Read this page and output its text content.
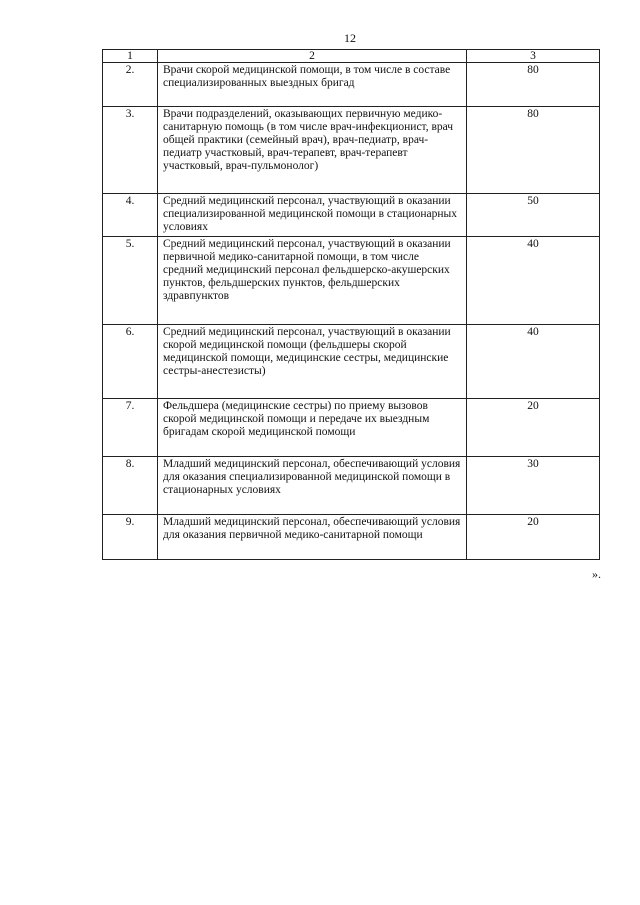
12
1	2	3
2.	Врачи скорой медицинской помощи, в том числе в составе специализированных выездных бригад	80
3.	Врачи подразделений, оказывающих первичную медико-санитарную помощь (в том числе врач-инфекционист, врач общей практики (семейный врач), врач-педиатр, врач-педиатр участковый, врач-терапевт, врач-терапевт участковый, врач-пульмонолог)	80
4.	Средний медицинский персонал, участвующий в оказании специализированной медицинской помощи в стационарных условиях	50
5.	Средний медицинский персонал, участвующий в оказании первичной медико-санитарной помощи, в том числе средний медицинский персонал фельдшерско-акушерских пунктов, фельдшерских пунктов, фельдшерских здравпунктов	40
6.	Средний медицинский персонал, участвующий в оказании скорой медицинской помощи (фельдшеры скорой медицинской помощи, медицинские сестры, медицинские сестры-анестезисты)	40
7.	Фельдшера (медицинские сестры) по приему вызовов скорой медицинской помощи и передаче их выездным бригадам скорой медицинской помощи	20
8.	Младший медицинский персонал, обеспечивающий условия для оказания специализированной медицинской помощи в стационарных условиях	30
9.	Младший медицинский персонал, обеспечивающий условия для оказания первичной медико-санитарной помощи	20
».
